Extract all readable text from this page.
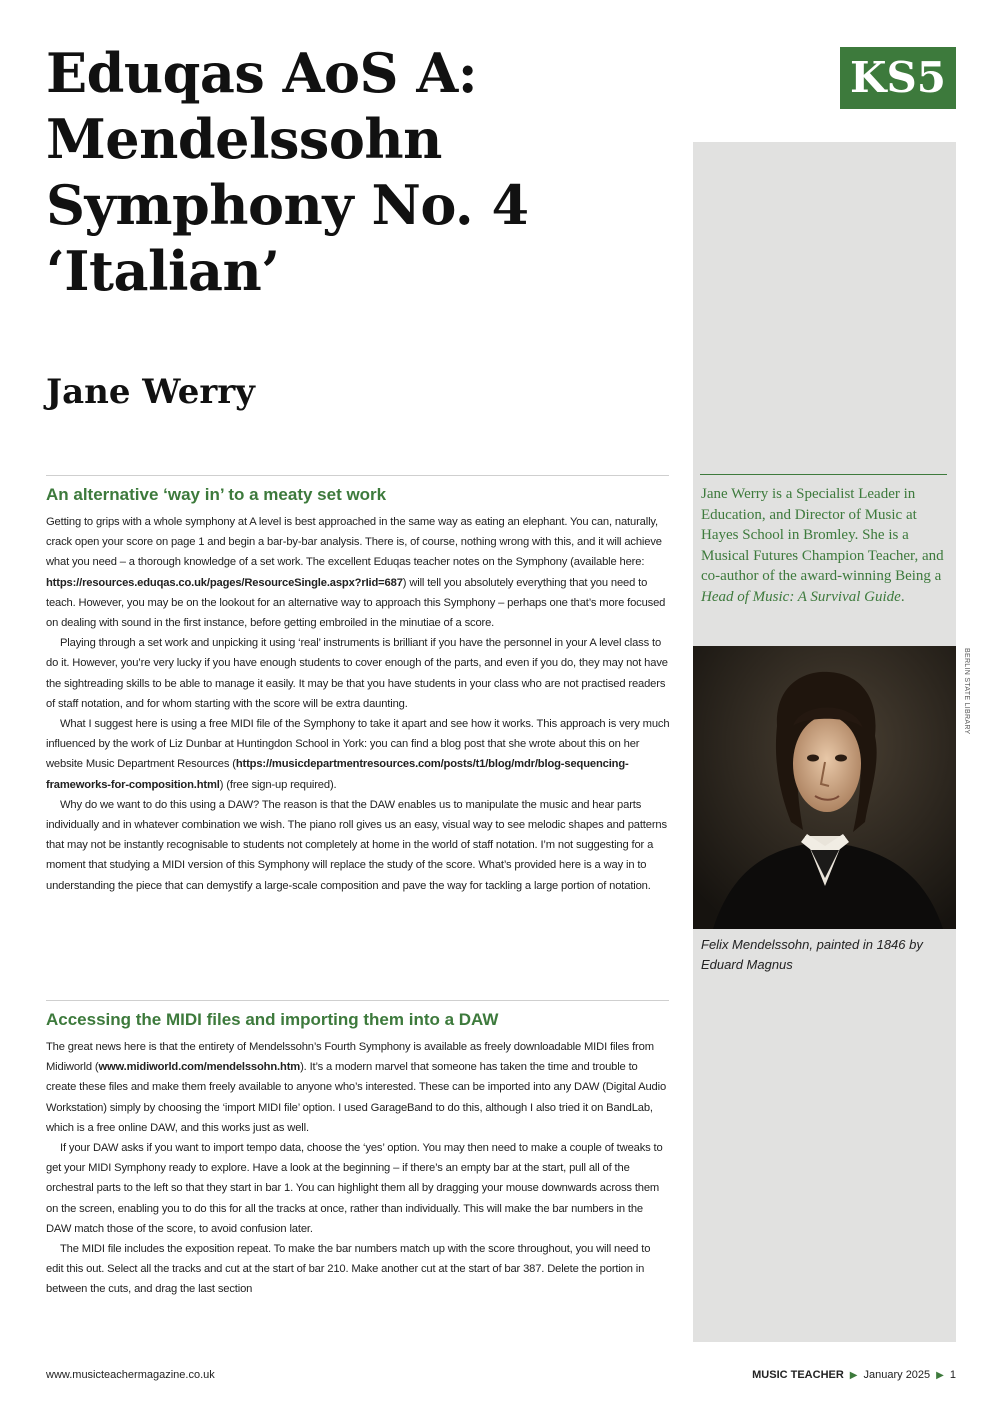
Eduqas AoS A:
Mendelssohn
Symphony No. 4
‘Italian’
Jane Werry
KS5

Jane Werry is a Specialist Leader in Education, and Director of Music at Hayes School in Bromley. She is a Musical Futures Champion Teacher, and co-author of the award-winning Being a Head of Music: A Survival Guide.

BERLIN STATE LIBRARY

Felix Mendelssohn, painted in 1846 by Eduard Magnus

An alternative ‘way in’ to a meaty set work

Getting to grips with a whole symphony at A level is best approached in the same way as eating an elephant. You can, naturally, crack open your score on page 1 and begin a bar-by-bar analysis. There is, of course, nothing wrong with this, and it will achieve what you need – a thorough knowledge of a set work. The excellent Eduqas teacher notes on the Symphony (available here: https://resources.eduqas.co.uk/pages/ResourceSingle.aspx?rIid=687) will tell you absolutely everything that you need to teach. However, you may be on the lookout for an alternative way to approach this Symphony – perhaps one that’s more focused on dealing with sound in the first instance, before getting embroiled in the minutiae of a score.

Playing through a set work and unpicking it using ‘real’ instruments is brilliant if you have the personnel in your A level class to do it. However, you’re very lucky if you have enough students to cover enough of the parts, and even if you do, they may not have the sightreading skills to be able to manage it easily. It may be that you have students in your class who are not practised readers of staff notation, and for whom starting with the score will be extra daunting.

What I suggest here is using a free MIDI file of the Symphony to take it apart and see how it works. This approach is very much influenced by the work of Liz Dunbar at Huntingdon School in York: you can find a blog post that she wrote about this on her website Music Department Resources (https://musicdepartmentresources.com/posts/t1/blog/mdr/blog-sequencing-frameworks-for-composition.html) (free sign-up required).

Why do we want to do this using a DAW? The reason is that the DAW enables us to manipulate the music and hear parts individually and in whatever combination we wish. The piano roll gives us an easy, visual way to see melodic shapes and patterns that may not be instantly recognisable to students not completely at home in the world of staff notation. I’m not suggesting for a moment that studying a MIDI version of this Symphony will replace the study of the score. What’s provided here is a way in to understanding the piece that can demystify a large-scale composition and pave the way for tackling a large portion of notation.

Accessing the MIDI files and importing them into a DAW

The great news here is that the entirety of Mendelssohn’s Fourth Symphony is available as freely downloadable MIDI files from Midiworld (www.midiworld.com/mendelssohn.htm). It’s a modern marvel that someone has taken the time and trouble to create these files and make them freely available to anyone who’s interested. These can be imported into any DAW (Digital Audio Workstation) simply by choosing the ‘import MIDI file’ option. I used GarageBand to do this, although I also tried it on BandLab, which is a free online DAW, and this works just as well.

If your DAW asks if you want to import tempo data, choose the ‘yes’ option. You may then need to make a couple of tweaks to get your MIDI Symphony ready to explore. Have a look at the beginning – if there’s an empty bar at the start, pull all of the orchestral parts to the left so that they start in bar 1. You can highlight them all by dragging your mouse downwards across them on the screen, enabling you to do this for all the tracks at once, rather than individually. This will make the bar numbers in the DAW match those of the score, to avoid confusion later.

The MIDI file includes the exposition repeat. To make the bar numbers match up with the score throughout, you will need to edit this out. Select all the tracks and cut at the start of bar 210. Make another cut at the start of bar 387. Delete the portion in between the cuts, and drag the last section

www.musicteachermagazine.co.uk	MUSIC TEACHER ▶ January 2025 ▶ 1
